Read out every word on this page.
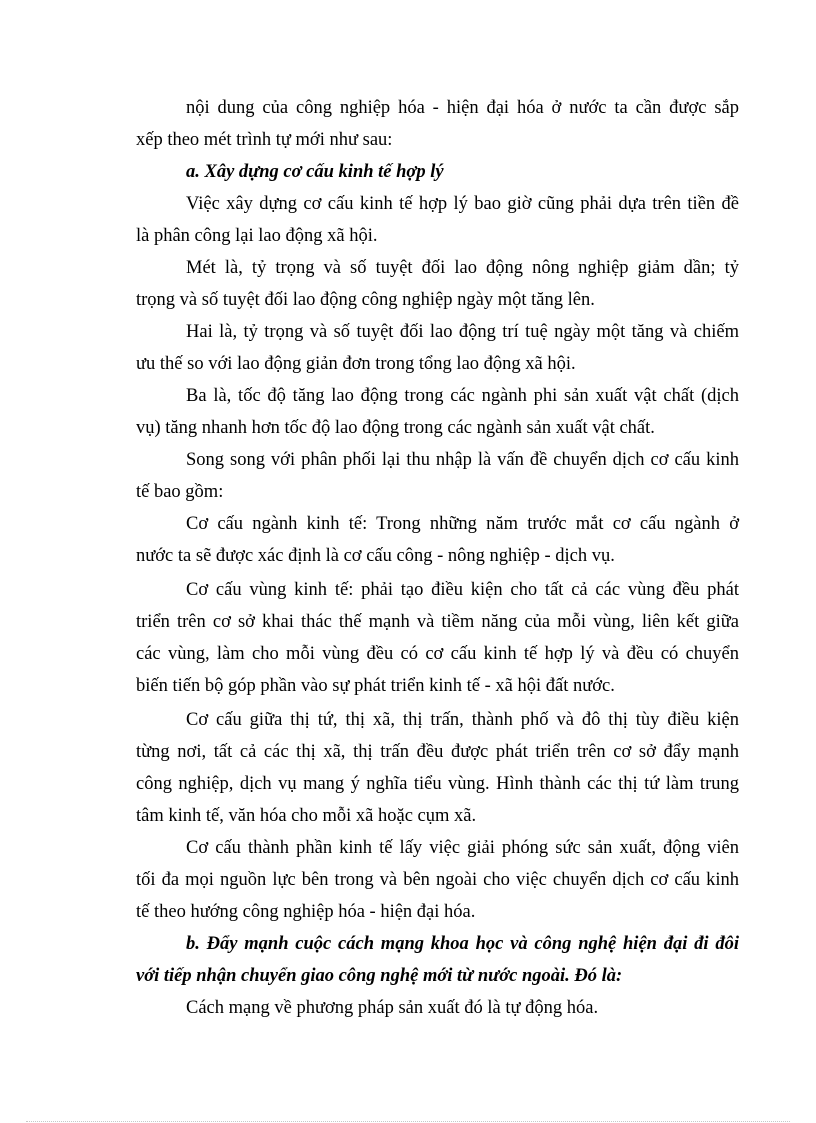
nội dung của công nghiệp hóa - hiện đại hóa ở nước ta cần được sắp
xếp theo mét trình tự mới như sau:
a. Xây dựng cơ cấu kinh tế hợp lý
Việc xây dựng cơ cấu kinh tế hợp lý bao giờ cũng phải dựa trên tiền đề
là phân công lại lao động xã hội.
Mét là, tỷ trọng và số tuyệt đối lao động nông nghiệp giảm dần; tỷ
trọng và số tuyệt đối lao động công nghiệp ngày một tăng lên.
Hai là, tỷ trọng và số tuyệt đối lao động trí tuệ ngày một tăng và chiếm
ưu thế so với lao động giản đơn trong tổng lao động xã hội.
Ba là, tốc độ tăng lao động trong các ngành phi sản xuất vật chất (dịch
vụ) tăng nhanh hơn tốc độ lao động trong các ngành sản xuất vật chất.
Song song với phân phối lại thu nhập là vấn đề chuyển dịch cơ cấu kinh
tế bao gồm:
Cơ cấu ngành kinh tế: Trong những năm trước mắt cơ cấu ngành ở
nước ta sẽ được xác định là cơ cấu công - nông nghiệp - dịch vụ.
Cơ cấu vùng kinh tế: phải tạo điều kiện cho tất cả các vùng đều phát
triển trên cơ sở khai thác thế mạnh và tiềm năng của mỗi vùng, liên kết giữa
các vùng, làm cho mỗi vùng đều có cơ cấu kinh tế hợp lý và đều có chuyển
biến tiến bộ góp phần vào sự phát triển kinh tế - xã hội đất nước.
Cơ cấu giữa thị tứ, thị xã, thị trấn, thành phố và đô thị tùy điều kiện
từng nơi, tất cả các thị xã, thị trấn đều được phát triển trên cơ sở đẩy mạnh
công nghiệp, dịch vụ mang ý nghĩa tiểu vùng. Hình thành các thị tứ làm trung
tâm kinh tế, văn hóa cho mỗi xã hoặc cụm xã.
Cơ cấu thành phần kinh tế lấy việc giải phóng sức sản xuất, động viên
tối đa mọi nguồn lực bên trong và bên ngoài cho việc chuyển dịch cơ cấu kinh
tế theo hướng công nghiệp hóa - hiện đại hóa.
b. Đẩy mạnh cuộc cách mạng khoa học và công nghệ hiện đại đi đôi
với tiếp nhận chuyển giao công nghệ mới từ nước ngoài. Đó là:
Cách mạng về phương pháp sản xuất đó là tự động hóa.
